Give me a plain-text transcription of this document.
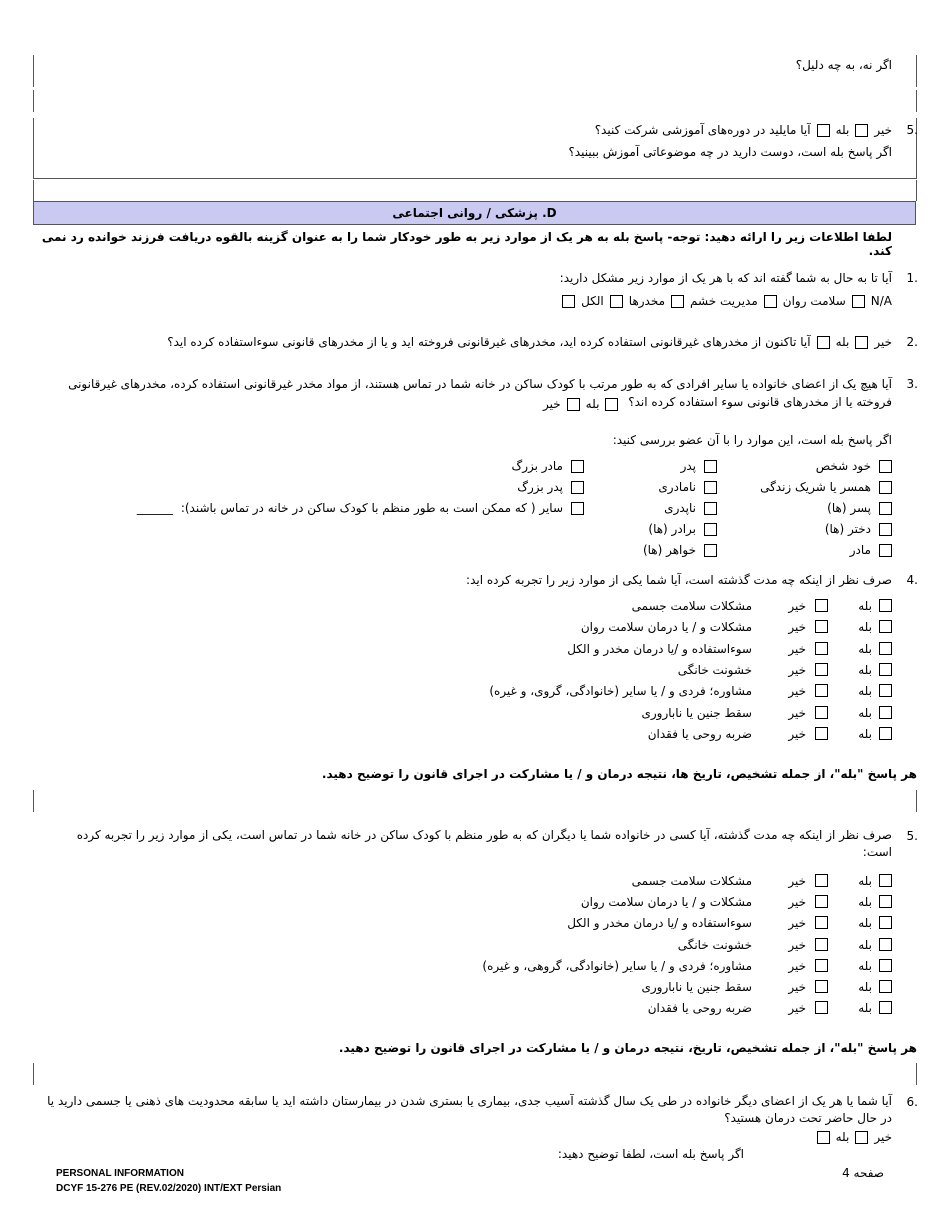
اگر نه، به چه دلیل؟
5.
آیا مایلید در دوره‌های آموزشی شرکت کنید؟ بله خیر
اگر پاسخ بله است، دوست دارید در چه موضوعاتی آموزش ببینید؟
D. پزشکی / روانی اجتماعی
لطفا اطلاعات زیر را ارائه دهید: توجه- پاسخ بله به هر یک از موارد زیر به طور خودکار شما را به عنوان گزینه بالقوه دریافت فرزند خوانده رد نمی کند.
1.
آیا تا به حال به شما گفته اند که با هر یک از موارد زیر مشکل دارید:
الکل مخدرها مدیریت خشم سلامت روان N/A
2.
آیا تاکنون از مخدرهای غیرقانونی استفاده کرده اید، مخدرهای غیرقانونی فروخته اید و یا از مخدرهای قانونی سوءاستفاده کرده اید؟ بله خیر
3.
آیا هیچ یک از اعضای خانواده یا سایر افرادی که به طور مرتب با کودک ساکن در خانه شما در تماس هستند، از مواد مخدر غیرقانونی استفاده کرده، مخدرهای غیرقانونی فروخته یا از مخدرهای قانونی سوء استفاده کرده اند؟
خیر بله
اگر پاسخ بله است، این موارد را با آن عضو بررسی کنید:
خود شخص
همسر یا شریک زندگی
پسر (ها)
دختر (ها)
مادر
پدر
نامادری
ناپدری
برادر (ها)
خواهر (ها)
مادر بزرگ
پدر بزرگ
سایر ( که ممکن است به طور منظم با کودک ساکن در خانه در تماس باشند):
______
4.
صرف نظر از اینکه چه مدت گذشته است، آیا شما یکی از موارد زیر را تجربه کرده اید:
بله
خیر
مشکلات سلامت جسمی
بله
خیر
مشکلات و / یا درمان سلامت روان
بله
خیر
سوءاستفاده و /یا درمان مخدر و الکل
بله
خیر
خشونت خانگی
بله
خیر
مشاوره؛ فردی و / یا سایر (خانوادگی، گروی، و غیره)
بله
خیر
سقط جنین یا ناباروری
بله
خیر
ضربه روحی یا فقدان
هر پاسخ "بله"، از جمله تشخیص، تاریخ ها، نتیجه درمان و / یا مشارکت در اجرای قانون را توضیح دهید.
5.
صرف نظر از اینکه چه مدت گذشته، آیا کسی در خانواده شما یا دیگران که به طور منظم با کودک ساکن در خانه شما در تماس است، یکی از موارد زیر را تجربه کرده است:
بله
خیر
مشکلات سلامت جسمی
بله
خیر
مشکلات و / یا درمان سلامت روان
بله
خیر
سوءاستفاده و /یا درمان مخدر و الکل
بله
خیر
خشونت خانگی
بله
خیر
مشاوره؛ فردی و / یا سایر (خانوادگی، گروهی، و غیره)
بله
خیر
سقط جنین یا ناباروری
بله
خیر
ضربه روحی یا فقدان
هر پاسخ "بله"، از جمله تشخیص، تاریخ، نتیجه درمان و / یا مشارکت در اجرای قانون را توضیح دهید.
6.
آیا شما یا هر یک از اعضای دیگر خانواده در طی یک سال گذشته آسیب جدی، بیماری یا بستری شدن در بیمارستان داشته اید یا سابقه محدودیت های ذهنی یا جسمی دارید یا در حال حاضر تحت درمان هستید؟
بله خیر
اگر پاسخ بله است، لطفا توضیح دهید:
PERSONAL INFORMATION
DCYF 15-276 PE (REV.02/2020) INT/EXT Persian
صفحه 4
